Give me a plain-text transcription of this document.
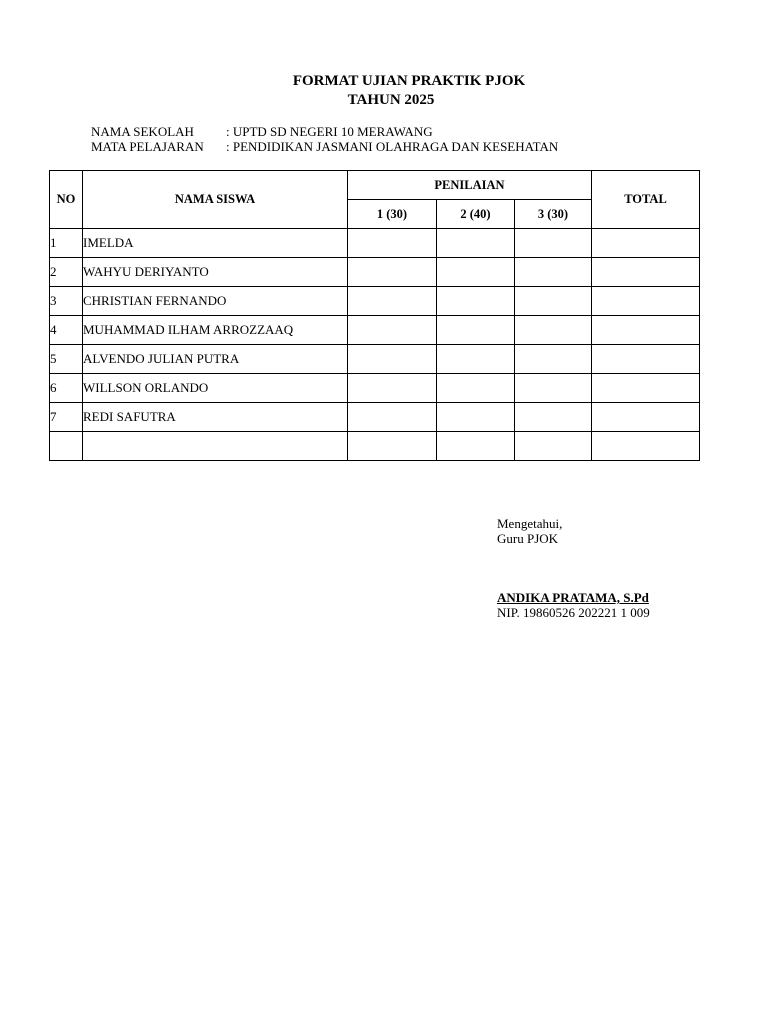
FORMAT UJIAN PRAKTIK PJOK
TAHUN 2025
NAMA SEKOLAH	: UPTD SD NEGERI 10 MERAWANG
MATA PELAJARAN	: PENDIDIKAN JASMANI OLAHRAGA DAN KESEHATAN
NO	NAMA SISWA	PENILAIAN			TOTAL
		1 (30)	2 (40)	3 (30)	
1	IMELDA				
2	WAHYU DERIYANTO				
3	CHRISTIAN FERNANDO				
4	MUHAMMAD ILHAM ARROZZAAQ				
5	ALVENDO JULIAN PUTRA				
6	WILLSON ORLANDO				
7	REDI SAFUTRA				

Mengetahui,
Guru PJOK
ANDIKA PRATAMA, S.Pd
NIP. 19860526 202221 1 009
